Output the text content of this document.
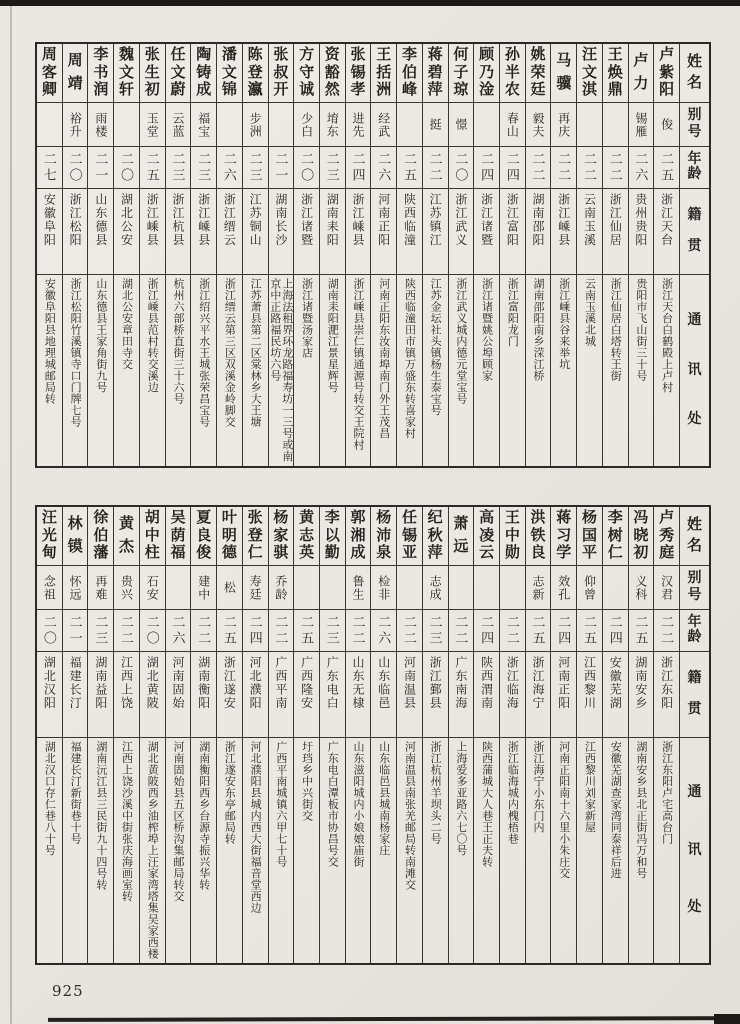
姓
名
别
号
年
龄
籍
贯
通
讯
处
卢
紫
阳
俊
二五
浙江天台
浙江天台白鹤殿上卢村
卢
力
锡雁
二六
贵州贵阳
贵阳市飞山街三十号
王
焕
鼎
二二
浙江仙居
浙江仙居白塔转王街
汪
文
淇
二二
云南玉溪
云南玉溪北城
马
骥
再庆
二二
浙江嵊县
浙江嵊县谷来举坑
姚
荣
廷
毅夫
二二
湖南邵阳
湖南邵阳南乡溁江桥
孙
半
农
春山
二四
浙江富阳
浙江富阳龙门
顾
乃
淦
二四
浙江诸暨
浙江诸暨姚公埠顾家
何
子
琼
憬
二〇
浙江武义
浙江武义城内德元堂宝号
蒋
碧
萍
挺
二二
江苏镇江
江苏金坛社头镇杨生泰宝号
李
伯
峰
二五
陕西临潼
陕西临潼田市镇万盛东转喜家村
王
括
洲
经武
二六
河南正阳
河南正阳东汝南埠南门外王茂昌
张
锡
孝
进先
二四
浙江嵊县
浙江嵊县崇仁镇通源号转交王院村
资
豁
然
堉东
二三
湖南耒阳
湖南耒阳淝江景星辉号
方
守
诚
少白
二〇
浙江诸暨
浙江诸暨汤家店
张
叔
开
二一
湖南长沙
上海法租界环龙路福寿坊一三号或南京中正路福民坊六号
陈
登
瀛
步洲
二三
江苏铜山
江苏萧县第二区棠林乡大王塘
潘
文
锦
二六
浙江缙云
浙江缙云第三区双溪金岭脚交
陶
铸
成
福宝
二三
浙江嵊县
浙江绍兴平水王城张荣昌宝号
任
文
蔚
云蓝
二三
浙江杭县
杭州六部桥直街三十六号
张
生
初
玉堂
二五
浙江嵊县
浙江嵊县范村转交溪边
魏
文
轩
二〇
湖北公安
湖北公安章田寺交
李
书
润
雨楼
二一
山东德县
山东德县王家角街九号
周
靖
裕升
二〇
浙江松阳
浙江松阳竹溪镇寺口门牌七号
周
客
卿
二七
安徽阜阳
安徽阜阳县地理城邮局转
姓
名
别
号
年
龄
籍
贯
通
讯
处
卢
秀
庭
汉君
二二
浙江东阳
浙江东阳卢宅高台门
冯
晓
初
义科
二五
湖南安乡
湖南安乡县北正街冯万和号
李
树
仁
二四
安徽芜湖
安徽芜湖查家湾同泰祥后进
杨
国
平
仰曾
二五
江西黎川
江西黎川刘家新屋
蒋
习
学
效孔
二四
河南正阳
河南正阳南十六里小朱庄交
洪
铁
良
志新
二五
浙江海宁
浙江海宁小东门内
王
中
勋
二二
浙江临海
浙江临海城内槐梧巷
高
凌
云
二四
陕西渭南
陕西蒲城大人巷王正夫转
萧
远
二二
广东南海
上海爱多亚路六七〇号
纪
秋
萍
志成
二三
浙江鄞县
浙江杭州羊坝头二号
任
锡
亚
二二
河南温县
河南温县南张羌邮局转南滩交
杨
沛
泉
检非
二六
山东临邑
山东临邑县城南杨家庄
郭
湘
成
鲁生
二二
山东无棣
山东滋阳城内小娘娘庙街
李
以
勤
二三
广东电白
广东电白潭板市协昌号交
黄
志
英
二五
广西隆安
圩珰乡中兴街交
杨
家
骐
乔龄
二二
广西平南
广西平南城镇六甲七十号
张
登
仁
寿廷
二四
河北濮阳
河北濮阳县城内西大街福音堂西边
叶
明
德
松
二五
浙江遂安
浙江遂安东亭邮局转
夏
良
俊
建中
二二
湖南衡阳
湖南衡阳西乡台源寺振兴华转
吴
荫
福
二六
河南固始
河南固始县五区桥沟集邮局转交
胡
中
柱
石安
二〇
湖北黄陂
湖北黄陂西乡油榨埠上汪家湾塔集吴家西楼
黄
杰
贵兴
二二
江西上饶
江西上饶沙溪中街张庆海画室转
徐
伯
藩
再难
二三
湖南益阳
湖南沅江县三民街九十四号转
林
镆
怀远
二一
福建长汀
福建长汀新街巷十号
汪
光
甸
念祖
二〇
湖北汉阳
湖北汉口存仁巷八十号
925
